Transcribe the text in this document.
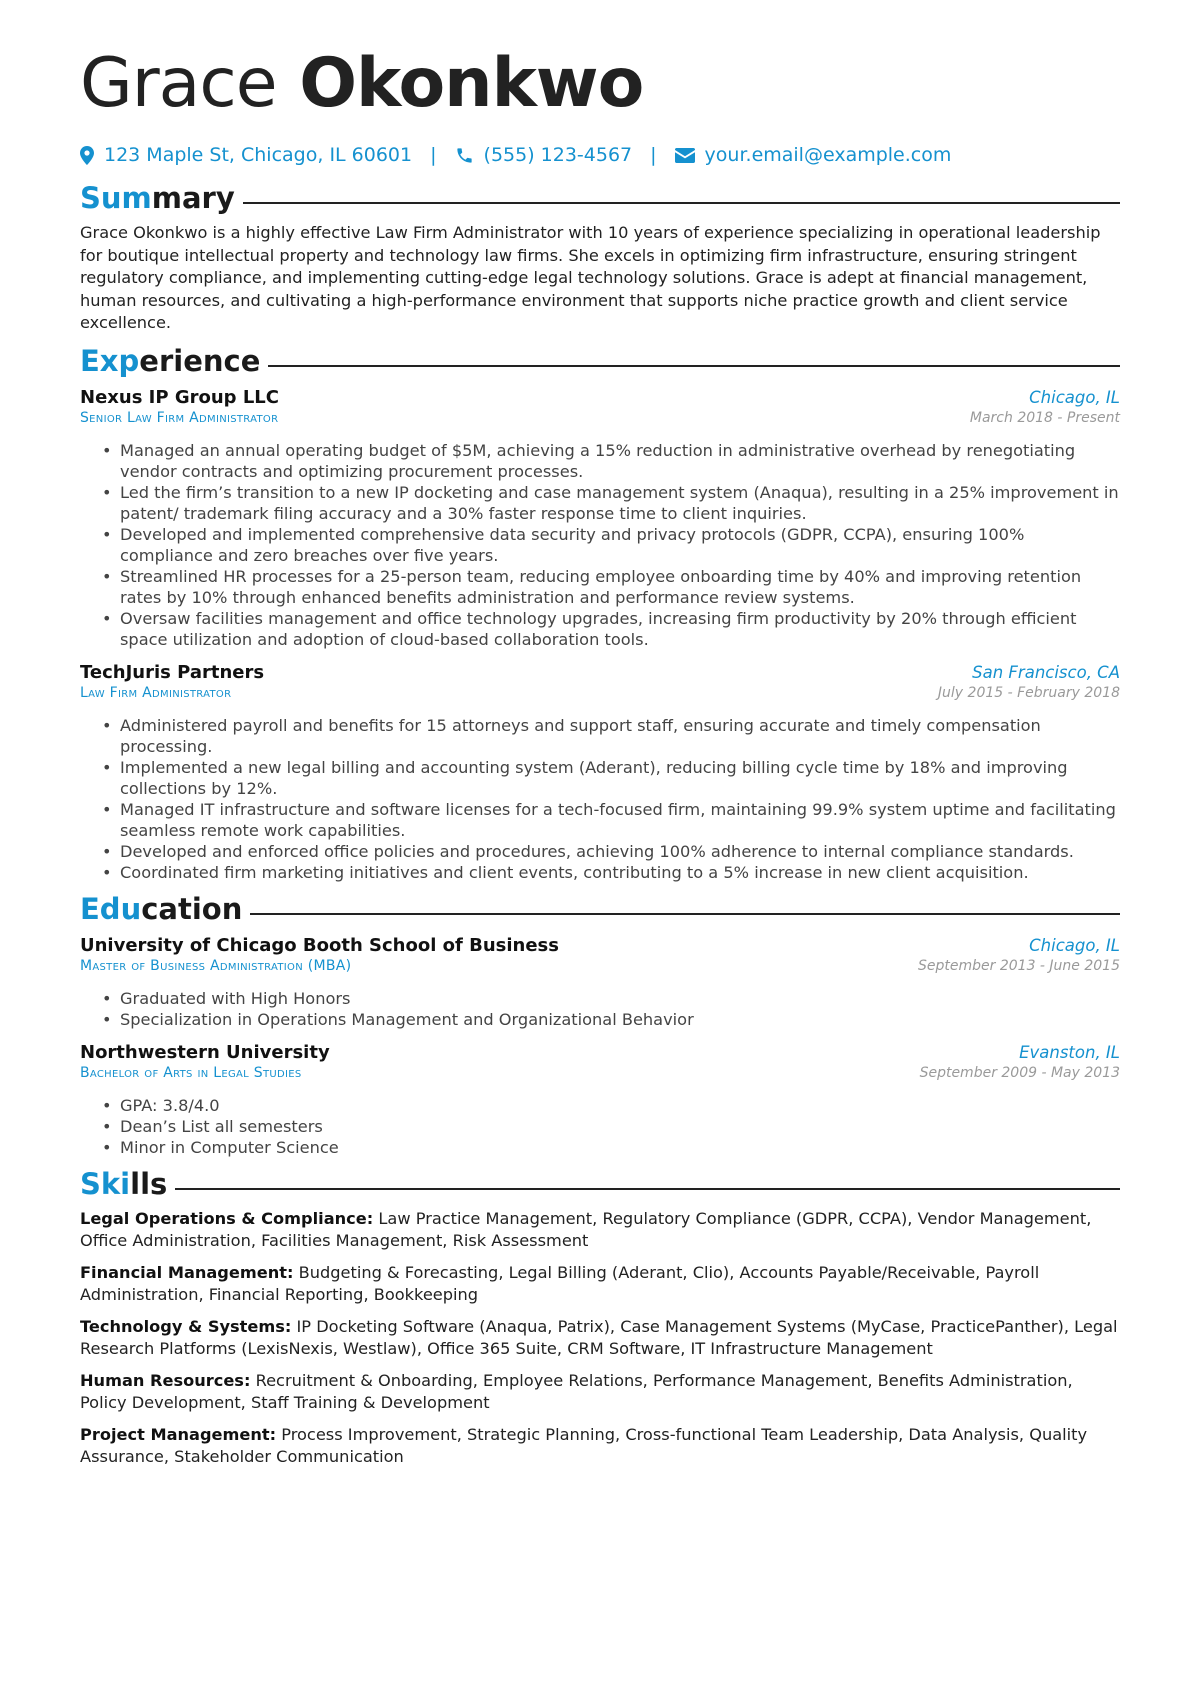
Grace Okonkwo
123 Maple St, Chicago, IL 60601 | (555) 123-4567 |	your.email@example.com
Summary

Grace Okonkwo is a highly effective Law Firm Administrator with 10 years of experience specializing in operational leadership for boutique intellectual property and technology law firms. She excels in optimizing firm infrastructure, ensuring stringent regulatory compliance, and implementing cutting-edge legal technology solutions. Grace is adept at financial management, human resources, and cultivating a high-performance environment that supports niche practice growth and client service excellence.

Experience
Nexus IP Group LLC	Chicago, IL
Senior Law Firm Administrator	March 2018 - Present
• Managed an annual operating budget of $5M, achieving a 15% reduction in administrative overhead by renegotiating vendor contracts and optimizing procurement processes.
• Led the firm’s transition to a new IP docketing and case management system (Anaqua), resulting in a 25% improvement in patent/ trademark filing accuracy and a 30% faster response time to client inquiries.
• Developed and implemented comprehensive data security and privacy protocols (GDPR, CCPA), ensuring 100% compliance and zero breaches over five years.
• Streamlined HR processes for a 25-person team, reducing employee onboarding time by 40% and improving retention rates by 10% through enhanced benefits administration and performance review systems.
• Oversaw facilities management and office technology upgrades, increasing firm productivity by 20% through efficient space utilization and adoption of cloud-based collaboration tools.
TechJuris Partners	San Francisco, CA
Law Firm Administrator	July 2015 - February 2018
• Administered payroll and benefits for 15 attorneys and support staff, ensuring accurate and timely compensation processing.
• Implemented a new legal billing and accounting system (Aderant), reducing billing cycle time by 18% and improving collections by 12%.
• Managed IT infrastructure and software licenses for a tech-focused firm, maintaining 99.9% system uptime and facilitating seamless remote work capabilities.
• Developed and enforced office policies and procedures, achieving 100% adherence to internal compliance standards.
• Coordinated firm marketing initiatives and client events, contributing to a 5% increase in new client acquisition.
Education
University of Chicago Booth School of Business	Chicago, IL
Master of Business Administration (MBA)	September 2013 - June 2015
• Graduated with High Honors
• Specialization in Operations Management and Organizational Behavior
Northwestern University	Evanston, IL
Bachelor of Arts in Legal Studies	September 2009 - May 2013
• GPA: 3.8/4.0
• Dean’s List all semesters
• Minor in Computer Science
Skills
Legal Operations & Compliance: Law Practice Management, Regulatory Compliance (GDPR, CCPA), Vendor Management, Office Administration, Facilities Management, Risk Assessment
Financial Management: Budgeting & Forecasting, Legal Billing (Aderant, Clio), Accounts Payable/Receivable, Payroll Administration, Financial Reporting, Bookkeeping
Technology & Systems: IP Docketing Software (Anaqua, Patrix), Case Management Systems (MyCase, PracticePanther), Legal Research Platforms (LexisNexis, Westlaw), Office 365 Suite, CRM Software, IT Infrastructure Management
Human Resources: Recruitment & Onboarding, Employee Relations, Performance Management, Benefits Administration, Policy Development, Staff Training & Development
Project Management: Process Improvement, Strategic Planning, Cross-functional Team Leadership, Data Analysis, Quality Assurance, Stakeholder Communication
